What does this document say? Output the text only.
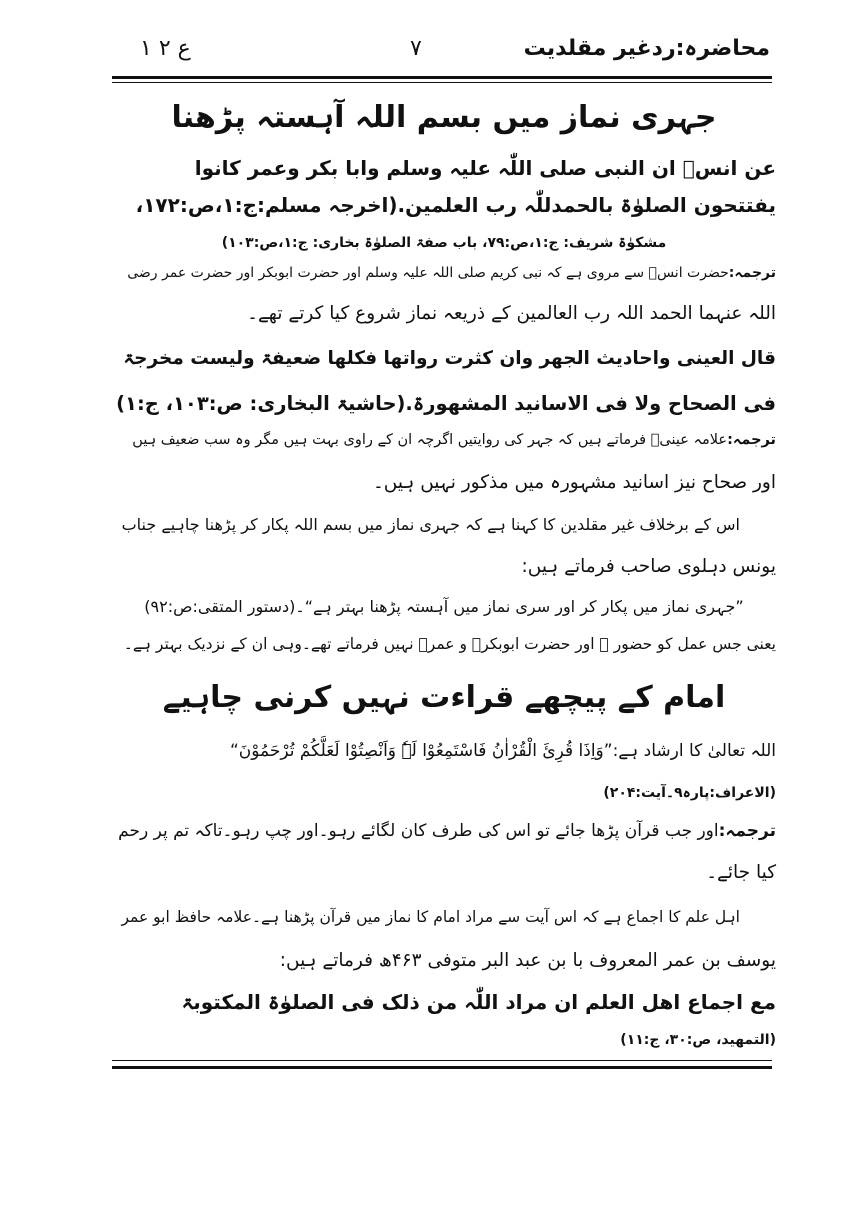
محاضرہ:ردغیر مقلدیت
۷
ع ۲ ۱
جہری نماز میں بسم اللہ آہستہ پڑھنا
عن انسؓ ان النبی صلی اللّٰہ علیہ وسلم وابا بکر وعمر کانوا
یفتتحون الصلوٰۃ بالحمدللّٰہ رب العلمین.(اخرجہ مسلم:ج:۱،ص:۱۷۲،
مشکوٰۃ شریف: ج:۱،ص:۷۹، باب صفۃ الصلوٰۃ بخاری: ج:۱،ص:۱۰۳)
ترجمہ:حضرت انسؓ سے مروی ہے کہ نبی کریم صلی اللہ علیہ وسلم اور حضرت ابوبکر اور حضرت عمر رضی
اللہ عنہما الحمد اللہ رب العالمین کے ذریعہ نماز شروع کیا کرتے تھے۔
قال العینی واحادیث الجھر وان کثرت رواتھا فکلھا ضعیفۃ ولیست مخرجۃ
فی الصحاح ولا فی الاسانید المشھورۃ.(حاشیۃ البخاری: ص:۱۰۳، ج:۱)
ترجمہ:علامہ عینیؒ فرماتے ہیں کہ جہر کی روایتیں اگرچہ ان کے راوی بہت ہیں مگر وہ سب ضعیف ہیں
اور صحاح نیز اسانید مشہورہ میں مذکور نہیں ہیں۔
اس کے برخلاف غیر مقلدین کا کہنا ہے کہ جہری نماز میں بسم اللہ پکار کر پڑھنا چاہیے جناب
یونس دہلوی صاحب فرماتے ہیں:
”جہری نماز میں پکار کر اور سری نماز میں آہستہ پڑھنا بہتر ہے“۔(دستور المتقی:ص:۹۲)
یعنی جس عمل کو حضور ﷺ اور حضرت ابوبکرؓ و عمرؓ نہیں فرماتے تھے۔وہی ان کے نزدیک بہتر ہے۔
امام کے پیچھے قراءت نہیں کرنی چاہیے
اللہ تعالیٰ کا ارشاد ہے:”وَاِذَا قُرِئَ الْقُرْاٰنُ فَاسْتَمِعُوْا لَہٗ وَاَنْصِتُوْا لَعَلَّکُمْ تُرْحَمُوْنَ“
(الاعراف:پارہ۹۔آیت:۲۰۴)
ترجمہ:اور جب قرآن پڑھا جائے تو اس کی طرف کان لگائے رہو۔اور چپ رہو۔تاکہ تم پر رحم
کیا جائے۔
اہل علم کا اجماع ہے کہ اس آیت سے مراد امام کا نماز میں قرآن پڑھنا ہے۔علامہ حافظ ابو عمر
یوسف بن عمر المعروف با بن عبد البر متوفی ۴۶۳ھ فرماتے ہیں:
مع اجماع اھل العلم ان مراد اللّٰہ من ذلک فی الصلوٰۃ المکتوبۃ
(التمھید، ص:۳۰، ج:۱۱)
